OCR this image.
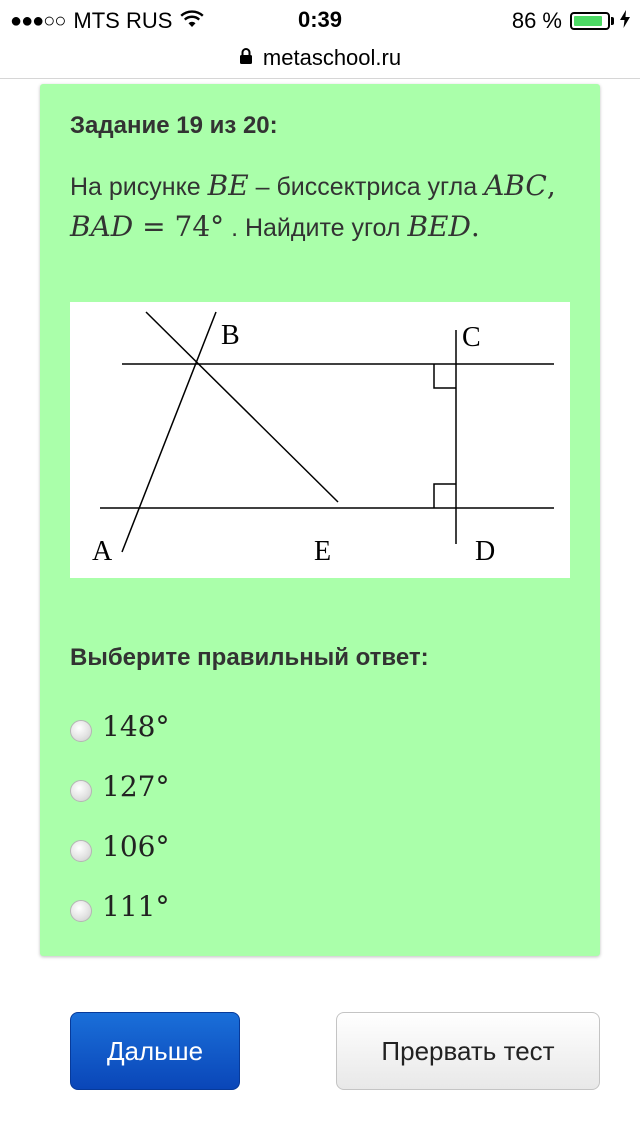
●●●○○ MTS RUS	0:39	86 %
metaschool.ru
Задание 19 из 20:
На рисунке BE – биссектриса угла ABC, BAD = 74° . Найдите угол BED.
B	C
A	E	D
Выберите правильный ответ:
148°
127°
106°
111°
Дальше	Прервать тест
